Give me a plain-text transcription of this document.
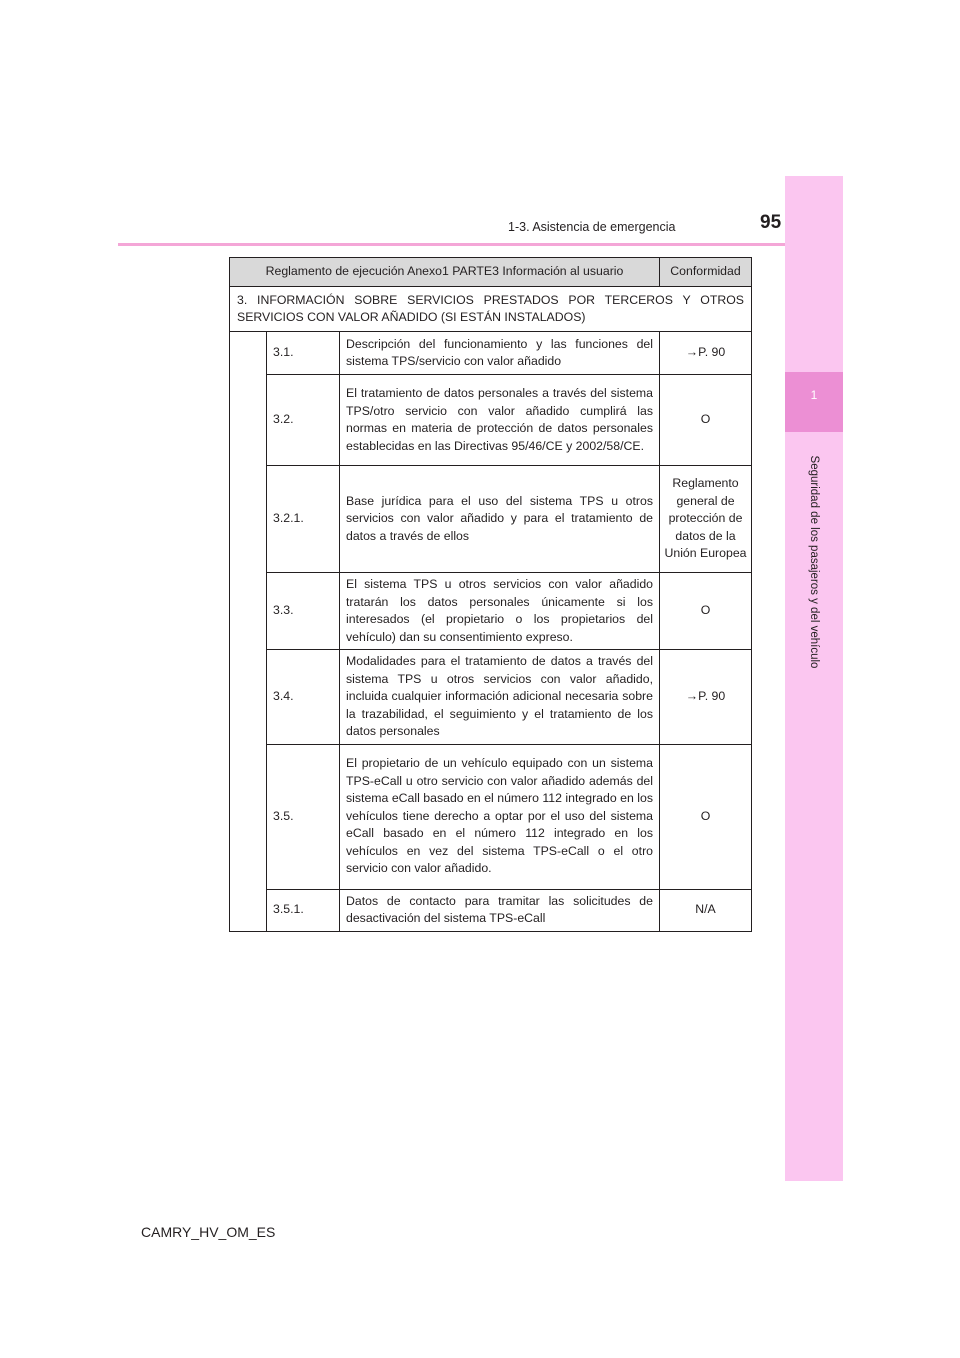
1-3. Asistencia de emergencia	95
1
Seguridad de los pasajeros y del vehículo
Reglamento de ejecución Anexo1 PARTE3 Información al usuario			Conformidad
3. INFORMACIÓN SOBRE SERVICIOS PRESTADOS POR TERCEROS Y OTROS SERVICIOS CON VALOR AÑADIDO (SI ESTÁN INSTALADOS)			
	3.1.	Descripción del funcionamiento y las funciones del sistema TPS/servicio con valor añadido	→P. 90
	3.2.	El tratamiento de datos personales a través del sistema TPS/otro servicio con valor añadido cumplirá las normas en materia de protección de datos personales establecidas en las Directivas 95/46/CE y 2002/58/CE.	O
	3.2.1.	Base jurídica para el uso del sistema TPS u otros servicios con valor añadido y para el tratamiento de datos a través de ellos	Reglamento general de protección de datos de la Unión Europea
	3.3.	El sistema TPS u otros servicios con valor añadido tratarán los datos personales únicamente si los interesados (el propietario o los propietarios del vehículo) dan su consentimiento expreso.	O
	3.4.	Modalidades para el tratamiento de datos a través del sistema TPS u otros servicios con valor añadido, incluida cualquier información adicional necesaria sobre la trazabilidad, el seguimiento y el tratamiento de los datos personales	→P. 90
	3.5.	El propietario de un vehículo equipado con un sistema TPS-eCall u otro servicio con valor añadido además del sistema eCall basado en el número 112 integrado en los vehículos tiene derecho a optar por el uso del sistema eCall basado en el número 112 integrado en los vehículos en vez del sistema TPS-eCall o el otro servicio con valor añadido.	O
	3.5.1.	Datos de contacto para tramitar las solicitudes de desactivación del sistema TPS-eCall	N/A
CAMRY_HV_OM_ES
